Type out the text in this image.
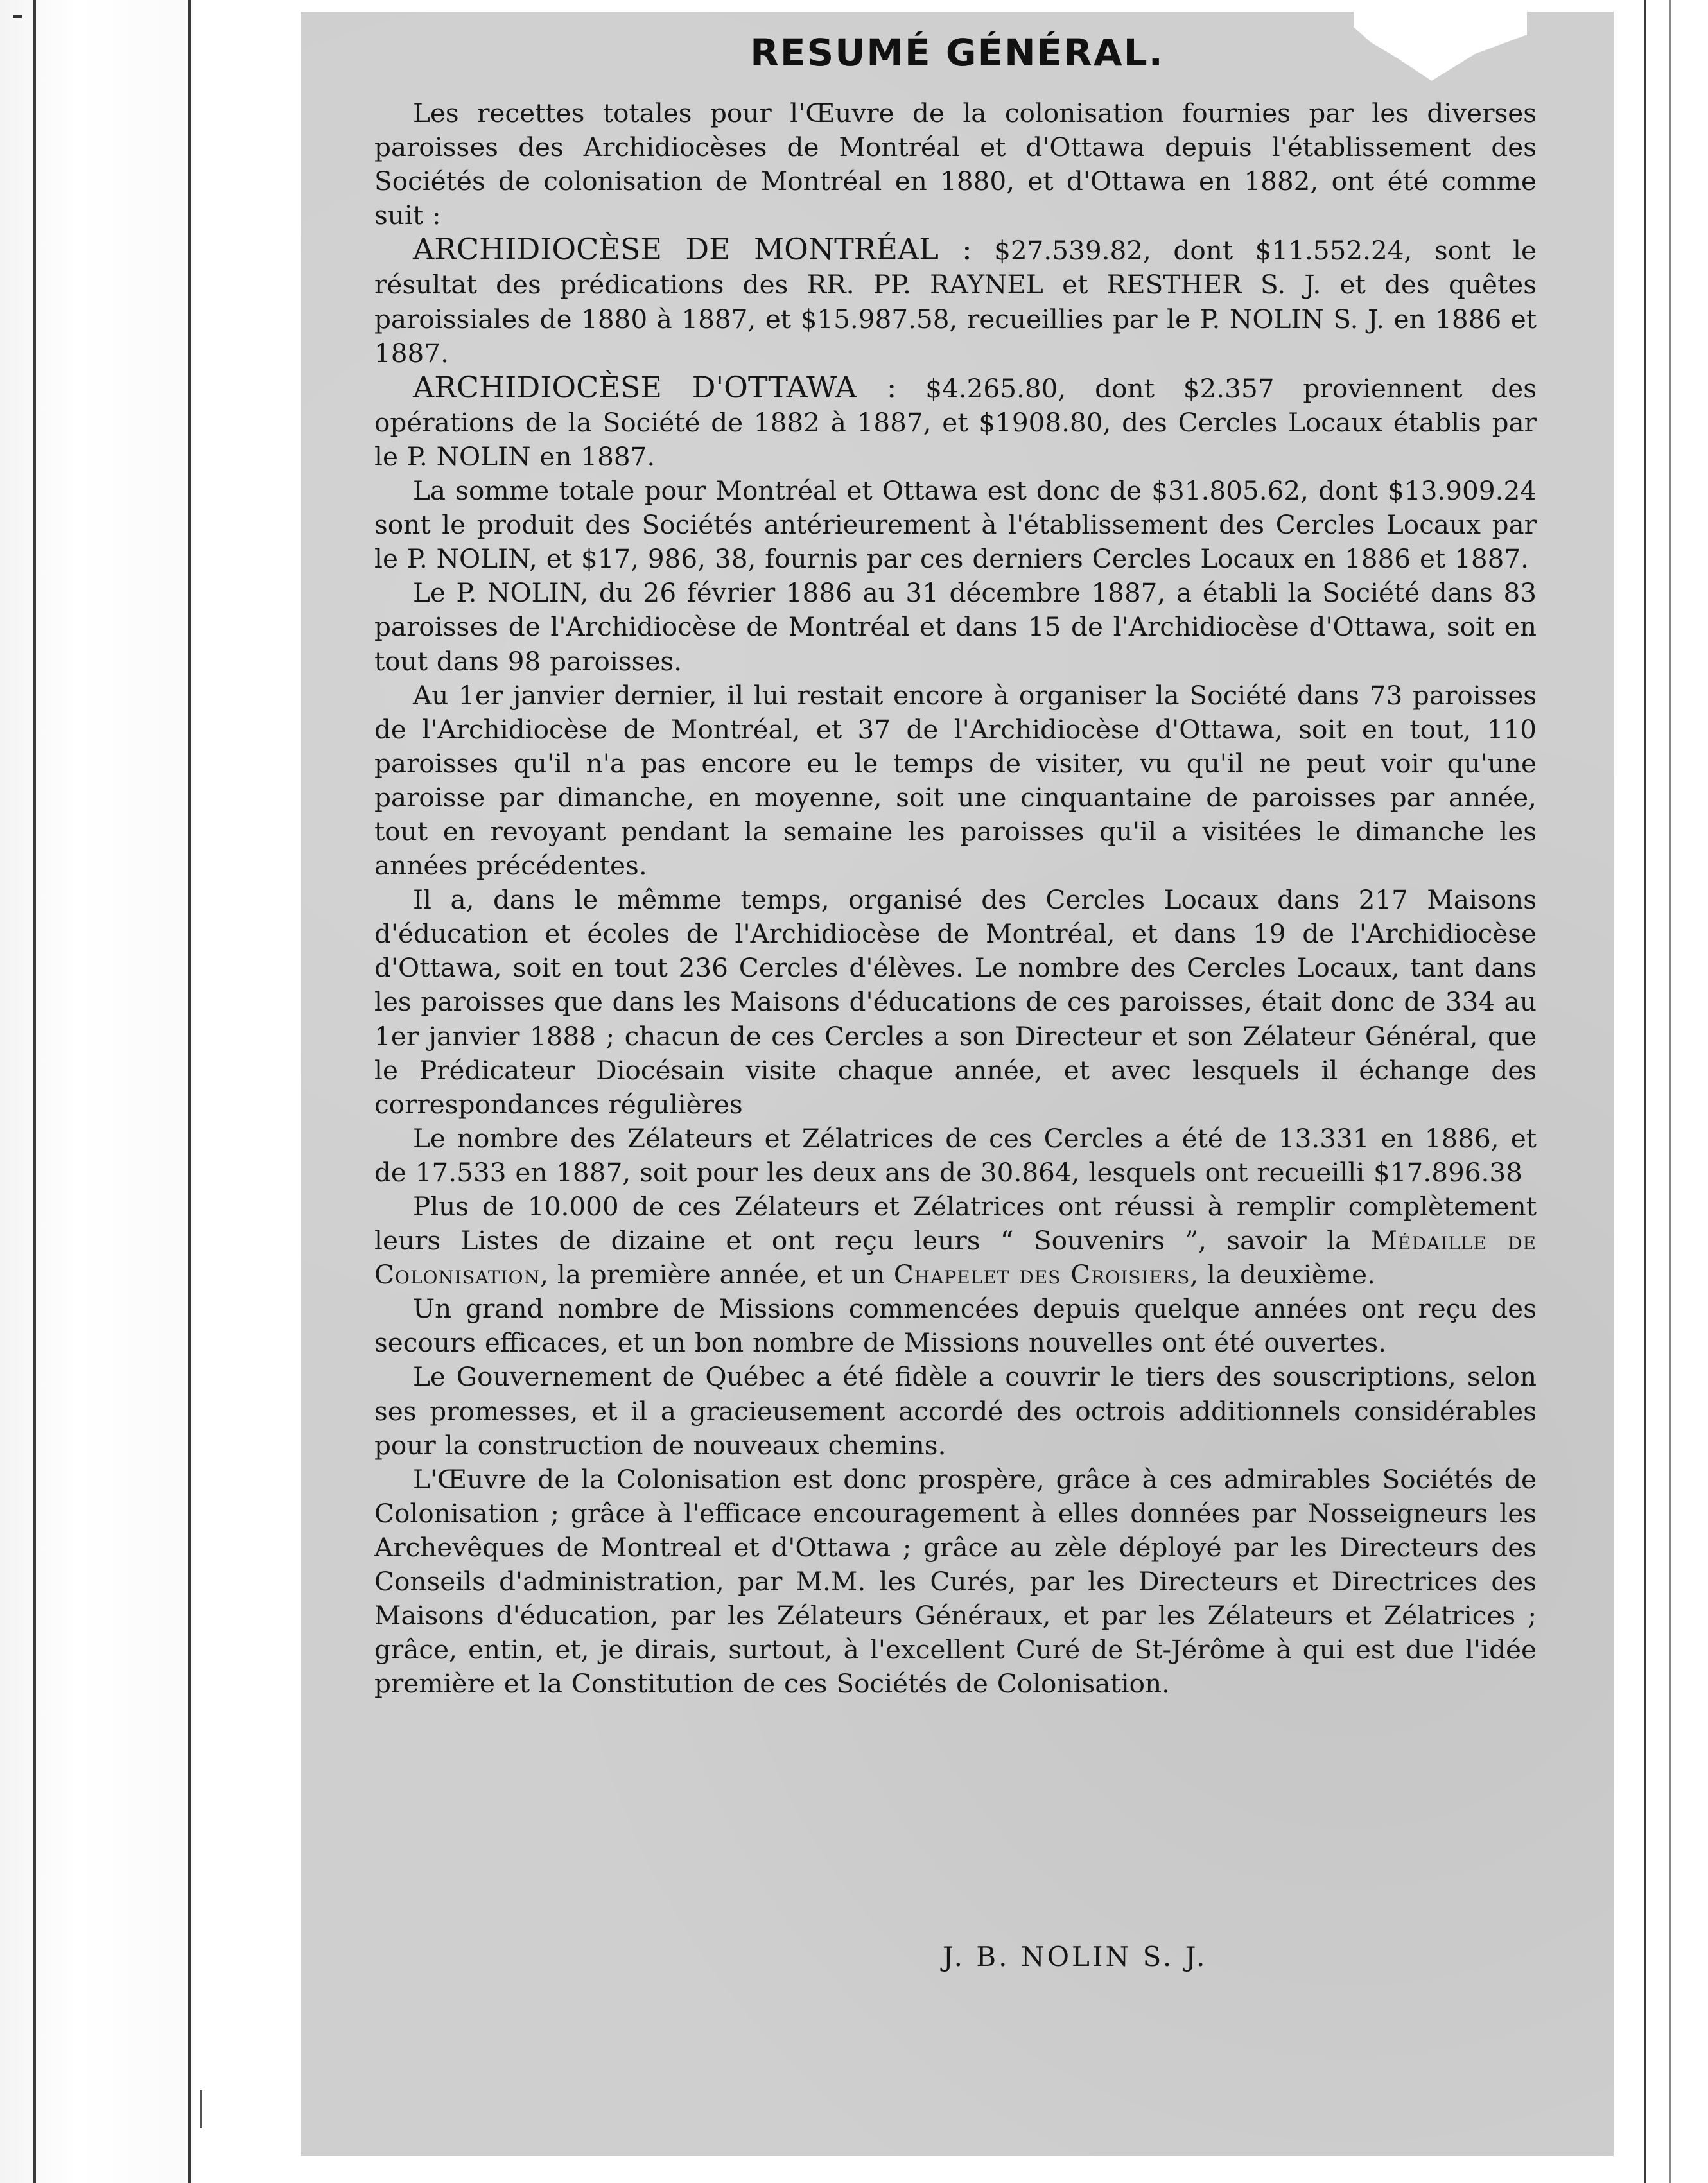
RESUMÉ GÉNÉRAL.

Les recettes totales pour l'Œuvre de la colonisation fournies par les diverses paroisses des Archidiocèses de Montréal et d'Ottawa depuis l'établissement des Sociétés de colonisation de Montréal en 1880, et d'Ottawa en 1882, ont été comme suit :

ARCHIDIOCÈSE DE MONTRÉAL : $27.539.82, dont $11.552.24, sont le résultat des prédications des RR. PP. RAYNEL et RESTHER S. J. et des quêtes paroissiales de 1880 à 1887, et $15.987.58, recueillies par le P. NOLIN S. J. en 1886 et 1887.

ARCHIDIOCÈSE D'OTTAWA : $4.265.80, dont $2.357 proviennent des opérations de la Société de 1882 à 1887, et $1908.80, des Cercles Locaux établis par le P. NOLIN en 1887.

La somme totale pour Montréal et Ottawa est donc de $31.805.62, dont $13.909.24 sont le produit des Sociétés antérieurement à l'établissement des Cercles Locaux par le P. NOLIN, et $17, 986, 38, fournis par ces derniers Cercles Locaux en 1886 et 1887.

Le P. NOLIN, du 26 février 1886 au 31 décembre 1887, a établi la Société dans 83 paroisses de l'Archidiocèse de Montréal et dans 15 de l'Archidiocèse d'Ottawa, soit en tout dans 98 paroisses.

Au 1er janvier dernier, il lui restait encore à organiser la Société dans 73 paroisses de l'Archidiocèse de Montréal, et 37 de l'Archidiocèse d'Ottawa, soit en tout, 110 paroisses qu'il n'a pas encore eu le temps de visiter, vu qu'il ne peut voir qu'une paroisse par dimanche, en moyenne, soit une cinquantaine de paroisses par année, tout en revoyant pendant la semaine les paroisses qu'il a visitées le dimanche les années précédentes.

Il a, dans le mêmme temps, organisé des Cercles Locaux dans 217 Maisons d'éducation et écoles de l'Archidiocèse de Montréal, et dans 19 de l'Archidiocèse d'Ottawa, soit en tout 236 Cercles d'élèves. Le nombre des Cercles Locaux, tant dans les paroisses que dans les Maisons d'éducations de ces paroisses, était donc de 334 au 1er janvier 1888 ; chacun de ces Cercles a son Directeur et son Zélateur Général, que le Prédicateur Diocésain visite chaque année, et avec lesquels il échange des correspondances régulières

Le nombre des Zélateurs et Zélatrices de ces Cercles a été de 13.331 en 1886, et de 17.533 en 1887, soit pour les deux ans de 30.864, lesquels ont recueilli $17.896.38

Plus de 10.000 de ces Zélateurs et Zélatrices ont réussi à remplir complètement leurs Listes de dizaine et ont reçu leurs “ Souvenirs ”, savoir la Médaille de Colonisation, la première année, et un Chapelet des Croisiers, la deuxième.

Un grand nombre de Missions commencées depuis quelque années ont reçu des secours efficaces, et un bon nombre de Missions nouvelles ont été ouvertes.

Le Gouvernement de Québec a été fidèle a couvrir le tiers des souscriptions, selon ses promesses, et il a gracieusement accordé des octrois additionnels considérables pour la construction de nouveaux chemins.

L'Œuvre de la Colonisation est donc prospère, grâce à ces admirables Sociétés de Colonisation ; grâce à l'efficace encouragement à elles données par Nosseigneurs les Archevêques de Montreal et d'Ottawa ; grâce au zèle déployé par les Directeurs des Conseils d'administration, par M.M. les Curés, par les Directeurs et Directrices des Maisons d'éducation, par les Zélateurs Généraux, et par les Zélateurs et Zélatrices ; grâce, entin, et, je dirais, surtout, à l'excellent Curé de St-Jérôme à qui est due l'idée première et la Constitution de ces Sociétés de Colonisation.

J. B. NOLIN S. J.
